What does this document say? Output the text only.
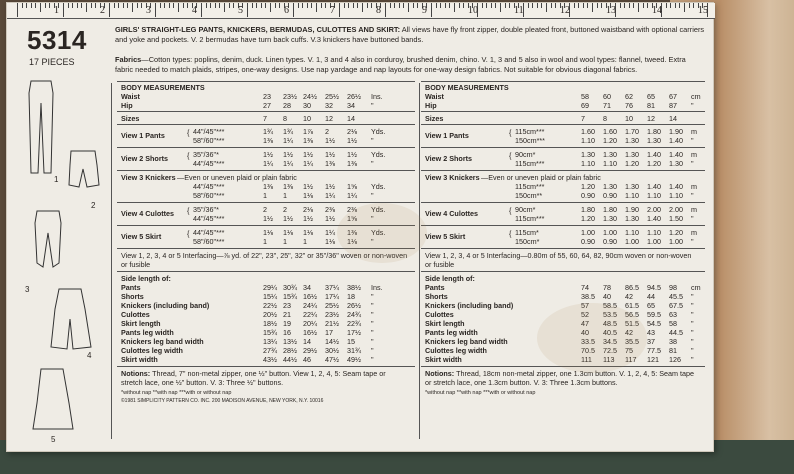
1	2	3	4	5	6	7	8	9	10	11	12	13	14	15
5314
17 PIECES
GIRLS' STRAIGHT-LEG PANTS, KNICKERS, BERMUDAS, CULOTTES AND SKIRT: All views have fly front zipper, double pleated front, buttoned waistband with optional carriers and yoke and pockets. V. 2 bermudas have turn back cuffs. V.3 knickers have buttoned bands.
Fabrics—Cotton types: poplins, denim, duck. Linen types. V. 1, 3 and 4 also in corduroy, brushed denim, chino. V. 1, 3 and 5 also in wool and wool types: flannel, tweed. Extra fabric needed to match plaids, stripes, one-way designs. Use nap yardage and nap layouts for one-way design fabrics. Not suitable for obvious diagonal fabrics.
1
2
3
4
5
BODY MEASUREMENTS
Waist	23 23½ 24½ 25½ 26½ Ins.
Hip	27 28 30 32 34 "
Sizes	7 8 10 12 14
View 1 Pants	{ 44"/45"***	1¾ 1¾ 1⅞ 2	2⅛ Yds.
58"/60"***	1⅜ 1¼ 1⅜ 1½ 1½ "
View 2 Shorts	{ 35"/36"*	1½ 1½ 1½ 1½ 1½ Yds.
44"/45"***	1¼ 1¼ 1¼ 1⅜ 1⅜ "
View 3 Knickers —Even or uneven plaid or plain fabric
44"/45"***	1⅜ 1⅜ 1½ 1½ 1⅝ Yds.
58"/60"***	1 1 1⅛ 1¼ 1¼ "
View 4 Culottes { 35"/36"*	2 2 2⅛ 2⅜ 2⅜ Yds.
44"/45"***	1½ 1½ 1½ 1½ 1⅝ "
View 5 Skirt	{ 44"/45"***	1⅛ 1⅛ 1⅛ 1¼ 1⅜ Yds.
58"/60"***	1 1 1	1⅛ 1⅛ "
View 1, 2, 3, 4 or 5 Interfacing—⅞ yd. of 22", 23", 25", 32" or 35"/36" woven or non-woven or fusible
Side length of:
Pants	29¼ 30¾ 34 37¼ 38½ Ins.
Shorts	15¼ 15¾ 16½ 17¼ 18 "
Knickers (including band)	22½ 23 24¼ 25½ 26½ "
Culottes	20½ 21 22¼ 23½ 24¾ "
Skirt length	18½ 19 20¼ 21½ 22¾ "
Pants leg width	15¾ 16 16½ 17 17½ "
Knickers leg band width	13¼ 13½ 14 14½ 15 "
Culottes leg width	27¾ 28½ 29½ 30½ 31¾ "
Skirt width	43½ 44½ 46 47½ 49½ "
Notions: Thread, 7" non-metal zipper, one ½" button. View 1, 2, 4, 5: Seam tape or stretch lace, one ½" button. V. 3: Three ½" buttons.
*without nap **with nap ***with or without nap
©1981 SIMPLICITY PATTERN CO. INC. 200 MADISON AVENUE, NEW YORK, N.Y. 10016
BODY MEASUREMENTS
Waist	58 60 62 65 67 cm
Hip	69 71 76 81 87 "
Sizes	7	8	10 12 14
View 1 Pants	{ 115cm***	1.60 1.60 1.70 1.80 1.90 m
150cm***	1.10 1.20 1.30 1.30 1.40 "
View 2 Shorts	{ 90cm*	1.30 1.30 1.30 1.40 1.40 m
115cm***	1.10 1.10 1.20 1.20 1.30 "
View 3 Knickers —Even or uneven plaid or plain fabric
115cm***	1.20 1.30 1.30 1.40 1.40 m
150cm**	0.90 0.90 1.10 1.10 1.10 "
View 4 Culottes	{ 90cm*	1.80 1.80 1.90 2.00 2.00 m
115cm***	1.20 1.30 1.30 1.40 1.50 "
View 5 Skirt	{ 115cm*	1.00 1.00 1.10 1.10 1.20 m
150cm*	0.90 0.90 1.00 1.00 1.00 "
View 1, 2, 3, 4 or 5 Interfacing—0.80m of 55, 60, 64, 82, 90cm woven or non-woven or fusible
Side length of:
Pants	74 78 86.5 94.5 98 cm
Shorts	38.5 40 42 44 45.5 "
Knickers (including band)	57 58.5 61.5 65 67.5 "
Culottes	52 53.5 56.5 59.5 63 "
Skirt length	47 48.5 51.5 54.5 58 "
Pants leg width	40 40.5 42 43 44.5 "
Knickers leg band width	33.5 34.5 35.5 37 38 "
Culottes leg width	70.5 72.5 75 77.5 81 "
Skirt width	111 113 117 121 126 "
Notions: Thread, 18cm non-metal zipper, one 1.3cm button. V. 1, 2, 4, 5: Seam tape or stretch lace, one 1.3cm button. V. 3: Three 1.3cm buttons.
*without nap **with nap ***with or without nap
